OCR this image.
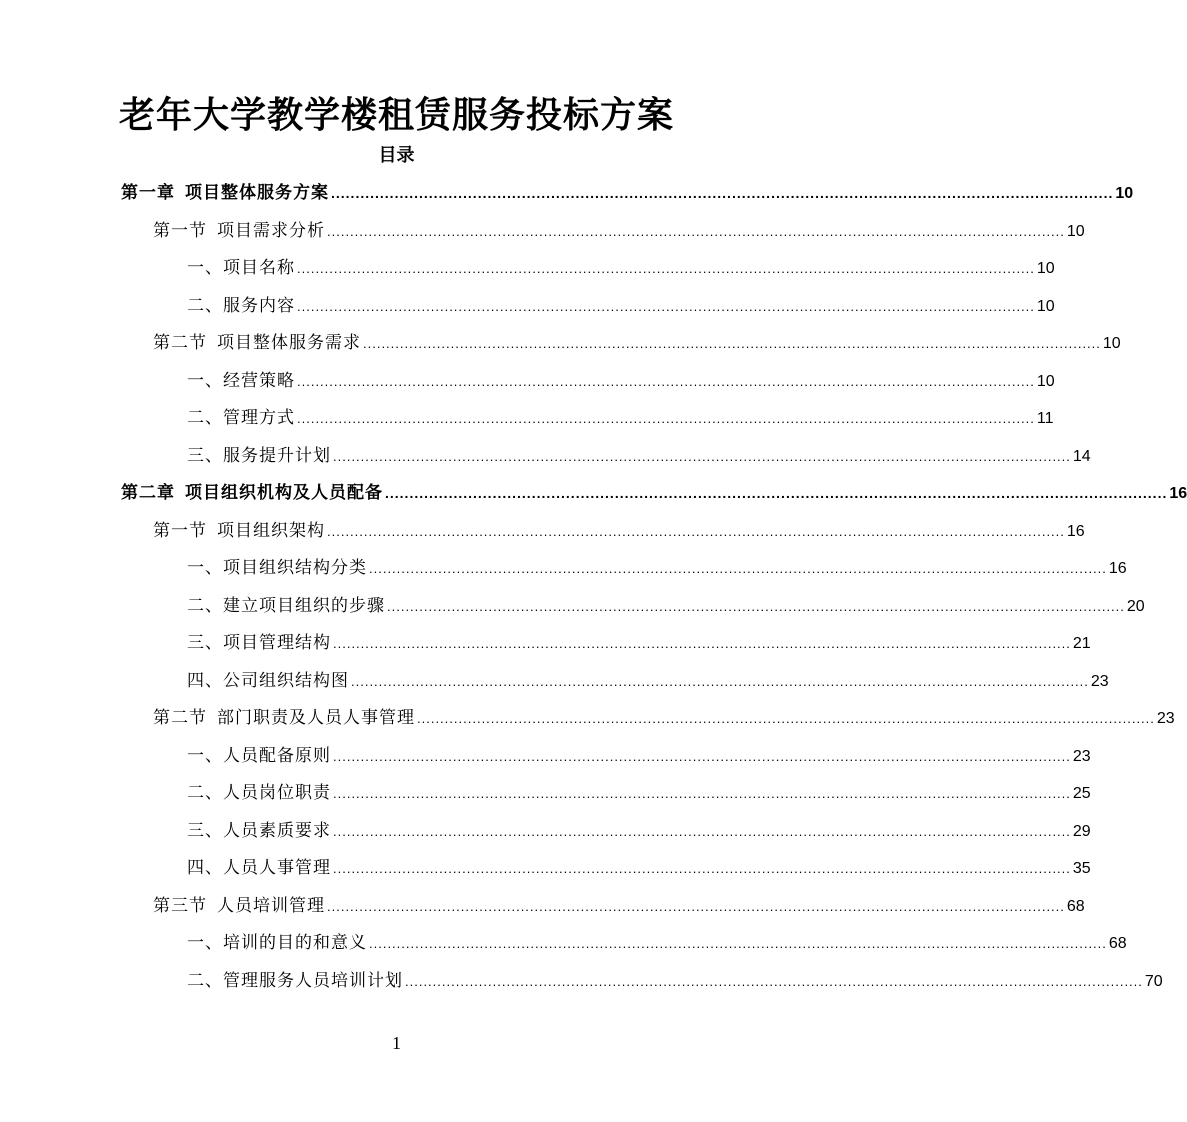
老年大学教学楼租赁服务投标方案
目录
第一章 项目整体服务方案 ................................................................................................................................................................ 10
第一节 项目需求分析 ................................................................................................................................................................ 10
一、项目名称 ................................................................................................................................................................ 10
二、服务内容 ................................................................................................................................................................ 10
第二节 项目整体服务需求 ................................................................................................................................................................ 10
一、经营策略 ................................................................................................................................................................ 10
二、管理方式 ................................................................................................................................................................ 11
三、服务提升计划 ................................................................................................................................................................ 14
第二章 项目组织机构及人员配备 ................................................................................................................................................................ 16
第一节 项目组织架构 ................................................................................................................................................................ 16
一、项目组织结构分类 ................................................................................................................................................................ 16
二、建立项目组织的步骤 ................................................................................................................................................................ 20
三、项目管理结构 ................................................................................................................................................................ 21
四、公司组织结构图 ................................................................................................................................................................ 23
第二节 部门职责及人员人事管理 ................................................................................................................................................................ 23
一、人员配备原则 ................................................................................................................................................................ 23
二、人员岗位职责 ................................................................................................................................................................ 25
三、人员素质要求 ................................................................................................................................................................ 29
四、人员人事管理 ................................................................................................................................................................ 35
第三节 人员培训管理 ................................................................................................................................................................ 68
一、培训的目的和意义 ................................................................................................................................................................ 68
二、管理服务人员培训计划 ................................................................................................................................................................ 70
1
